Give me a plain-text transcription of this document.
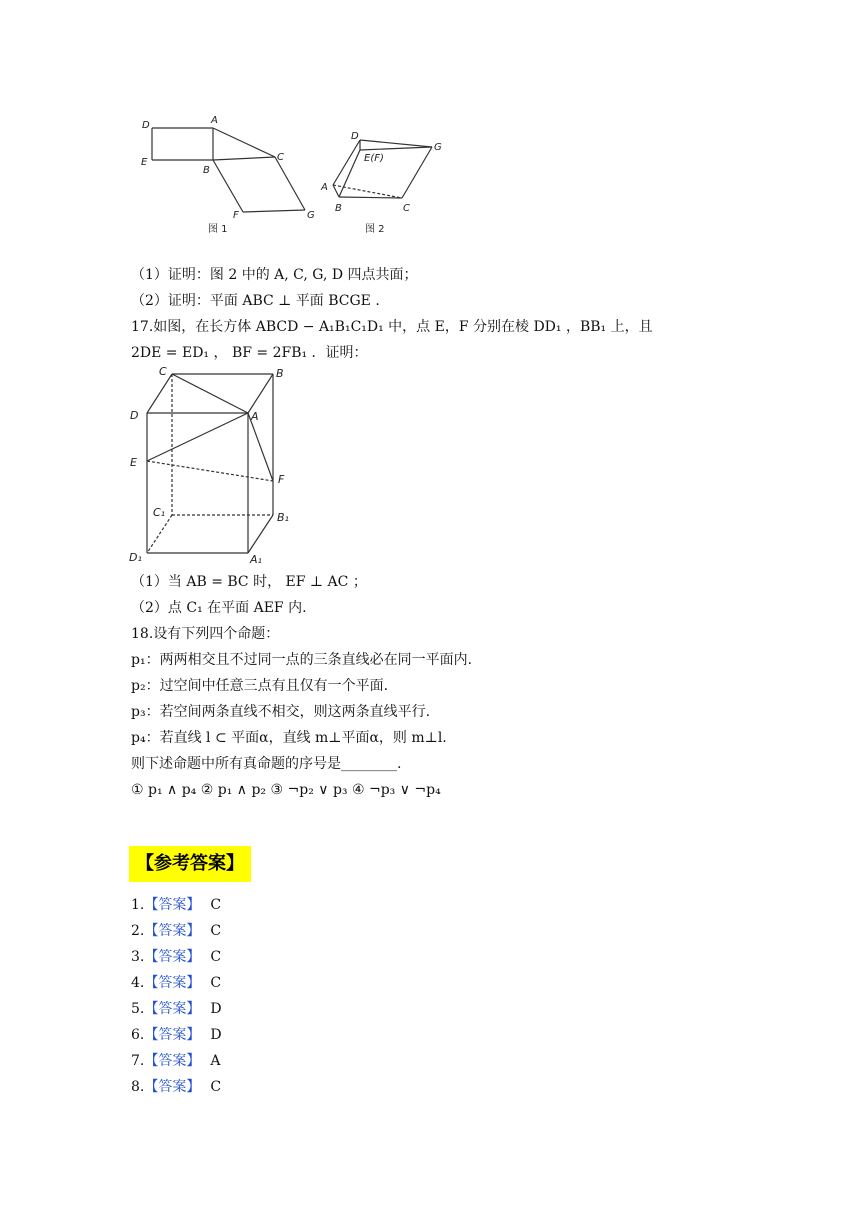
D	A
E
B
C
F	G
图 1
D
E(F)
G
A
B	C
图 2
（1）证明：图 2 中的 A, C, G, D 四点共面；
（2）证明：平面 ABC ⊥ 平面 BCGE .
17.如图，在长方体 ABCD − A₁B₁C₁D₁ 中，点 E，F 分别在棱 DD₁ ，BB₁ 上，且
2DE = ED₁ ， BF = 2FB₁ ．证明：
C	B
D	A
E
F
C₁	B₁
D₁	A₁
（1）当 AB = BC 时， EF ⊥ AC ；
（2）点 C₁ 在平面 AEF 内.
18.设有下列四个命题：
p₁：两两相交且不过同一点的三条直线必在同一平面内.
p₂：过空间中任意三点有且仅有一个平面.
p₃：若空间两条直线不相交，则这两条直线平行.
p₄：若直线 l ⊂ 平面α，直线 m⊥平面α，则 m⊥l.
则下述命题中所有真命题的序号是________.
① p₁ ∧ p₄ ② p₁ ∧ p₂ ③ ¬p₂ ∨ p₃ ④ ¬p₃ ∨ ¬p₄
【参考答案】
1.【答案】 C
2.【答案】 C
3.【答案】 C
4.【答案】 C
5.【答案】 D
6.【答案】 D
7.【答案】 A
8.【答案】 C
